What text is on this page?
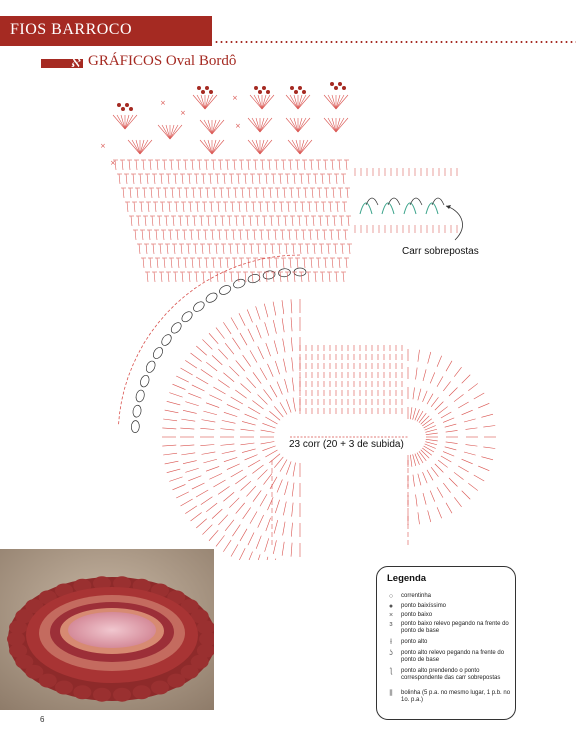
FIOS BARROCO
ℵ GRÁFICOS Oval Bordô
×
×
×
×
×
×
Carr sobrepostas
23 corr (20 + 3 de subida)
Legenda
○	correntinha
●	ponto baixíssimo
×	ponto baixo
ɜ	ponto baixo relevo pegando na frente do ponto de base
ƚ	ponto alto
ʖ	ponto alto relevo pegando na frente do ponto de base
ƪ	ponto alto prendendo o ponto correspondente das carr sobrepostas
⫼	bolinha (5 p.a. no mesmo lugar, 1 p.b. no 1o. p.a.)
6
